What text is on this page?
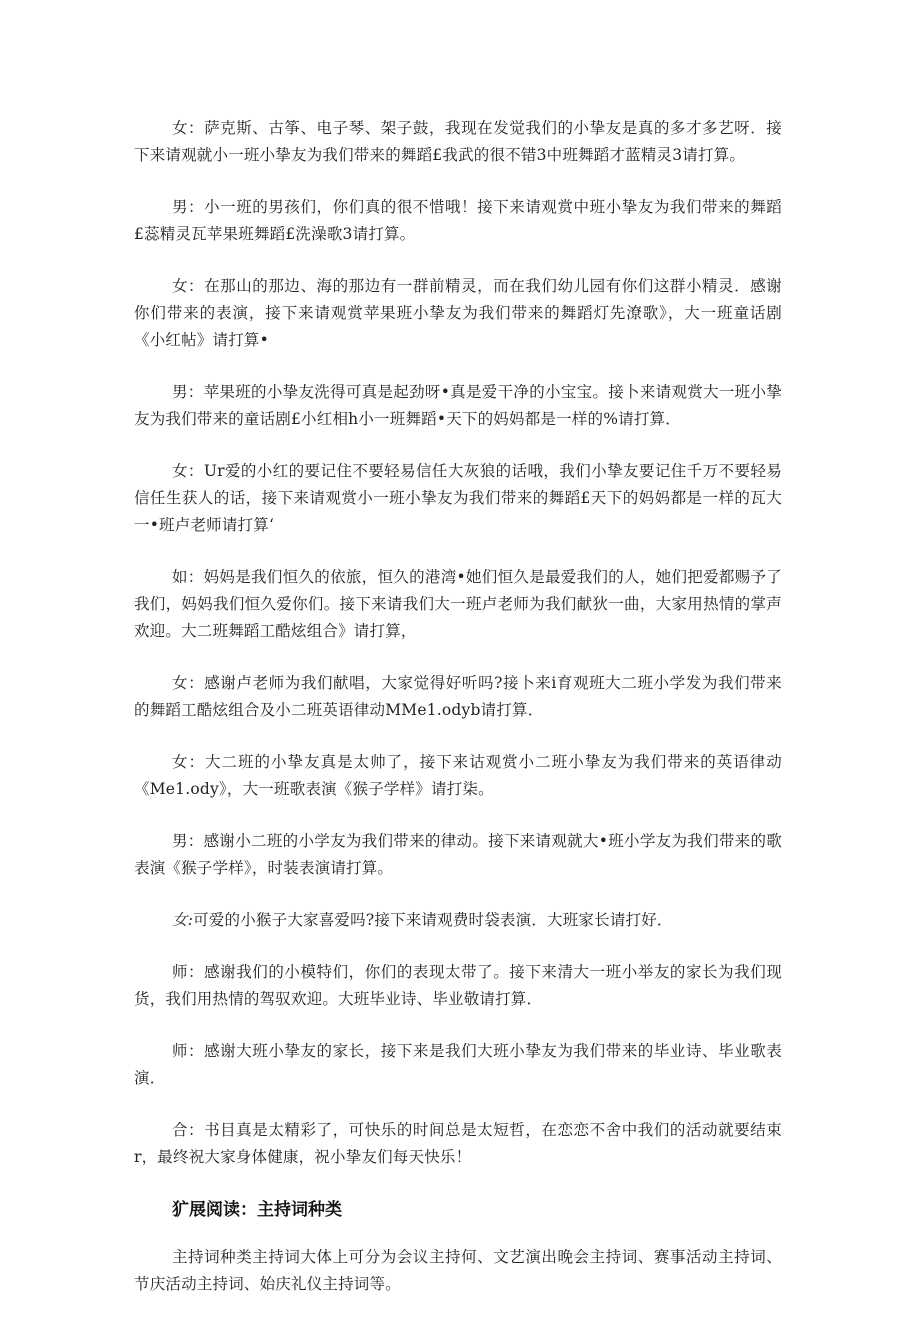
女：萨克斯、古筝、电子琴、架子鼓，我现在发觉我们的小挚友是真的多才多艺呀．接下来请观就小一班小挚友为我们带来的舞蹈£我武的很不错3中班舞蹈才蓝精灵3请打算。

男：小一班的男孩们，你们真的很不惜哦！接下来请观赏中班小挚友为我们带来的舞蹈£蕊精灵瓦苹果班舞蹈£洗澡歌3请打算。

女：在那山的那边、海的那边有一群前精灵，而在我们幼儿园有你们这群小精灵．感谢你们带来的表演，接下来请观赏苹果班小挚友为我们带来的舞蹈灯先潦歌》，大一班童话剧《小红帖》请打算•

男：苹果班的小挚友洗得可真是起劲呀•真是爱干净的小宝宝。接卜来请观赏大一班小挚友为我们带来的童话剧£小红相h小一班舞蹈•天下的妈妈都是一样的%请打算．

女：Ur爱的小红的要记住不要轻易信任大灰狼的话哦，我们小挚友要记住千万不要轻易信任生获人的话，接下来请观赏小一班小挚友为我们带来的舞蹈£天下的妈妈都是一样的瓦大一•班卢老师请打算‘

如：妈妈是我们恒久的依旅，恒久的港湾•她们恒久是最爱我们的人，她们把爱都赐予了我们，妈妈我们恒久爱你们。接下来请我们大一班卢老师为我们献狄一曲，大家用热情的掌声欢迎。大二班舞蹈工酷炫组合》请打算，

女：感谢卢老师为我们献唱，大家觉得好听吗?接卜来i育观班大二班小学发为我们带来的舞蹈工酷炫组合及小二班英语律动MMe1.odyb请打算．

女：大二班的小挚友真是太帅了，接下来诂观赏小二班小挚友为我们带来的英语律动《Me1.ody》，大一班歌表演《猴子学样》请打柒。

男：感谢小二班的小学友为我们带来的律动。接下来请观就大•班小学友为我们带来的歌表演《猴子学样》，时装表演请打算。

女:可爱的小猴子大家喜爱吗?接下来请观费时袋表演．大班家长请打好．

师：感谢我们的小模特们，你们的表现太带了。接下来清大一班小举友的家长为我们现货，我们用热情的驾驭欢迎。大班毕业诗、毕业敬请打算．

师：感谢大班小挚友的家长，接下来是我们大班小挚友为我们带来的毕业诗、毕业歌表演．

合：书目真是太精彩了，可快乐的时间总是太短哲，在恋恋不舍中我们的活动就要结束r，最终祝大家身体健康，祝小挚友们每天快乐！

犷展阅读：主持词种类

主持词种类主持词大体上可分为会议主持何、文艺演出晚会主持词、赛事活动主持词、节庆活动主持词、始庆礼仪主持词等。
